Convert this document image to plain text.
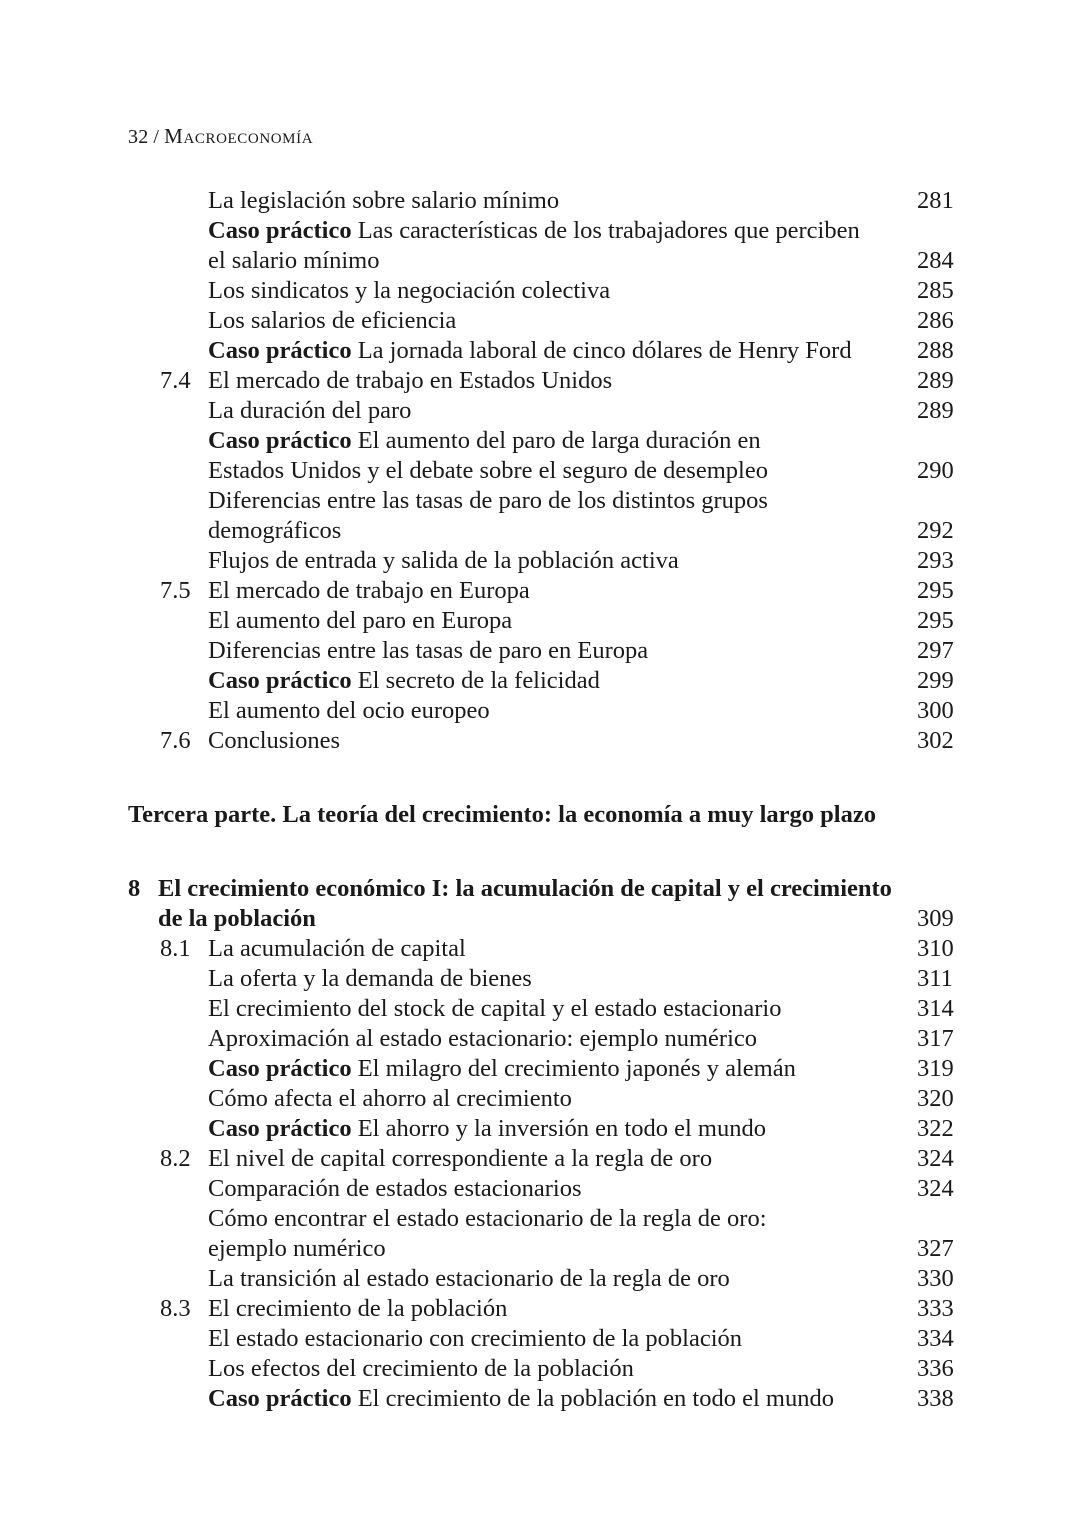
32 / Macroeconomía
La legislación sobre salario mínimo	281
Caso práctico Las características de los trabajadores que perciben
el salario mínimo	284
Los sindicatos y la negociación colectiva	285
Los salarios de eficiencia	286
Caso práctico La jornada laboral de cinco dólares de Henry Ford	288
7.4 El mercado de trabajo en Estados Unidos	289
La duración del paro	289
Caso práctico El aumento del paro de larga duración en
Estados Unidos y el debate sobre el seguro de desempleo	290
Diferencias entre las tasas de paro de los distintos grupos
demográficos	292
Flujos de entrada y salida de la población activa	293
7.5 El mercado de trabajo en Europa	295
El aumento del paro en Europa	295
Diferencias entre las tasas de paro en Europa	297
Caso práctico El secreto de la felicidad	299
El aumento del ocio europeo	300
7.6 Conclusiones	302
Tercera parte. La teoría del crecimiento: la economía a muy largo plazo
8 El crecimiento económico I: la acumulación de capital y el crecimiento
de la población	309
8.1 La acumulación de capital	310
La oferta y la demanda de bienes	311
El crecimiento del stock de capital y el estado estacionario	314
Aproximación al estado estacionario: ejemplo numérico	317
Caso práctico El milagro del crecimiento japonés y alemán	319
Cómo afecta el ahorro al crecimiento	320
Caso práctico El ahorro y la inversión en todo el mundo	322
8.2 El nivel de capital correspondiente a la regla de oro	324
Comparación de estados estacionarios	324
Cómo encontrar el estado estacionario de la regla de oro:
ejemplo numérico	327
La transición al estado estacionario de la regla de oro	330
8.3 El crecimiento de la población	333
El estado estacionario con crecimiento de la población	334
Los efectos del crecimiento de la población	336
Caso práctico El crecimiento de la población en todo el mundo	338
